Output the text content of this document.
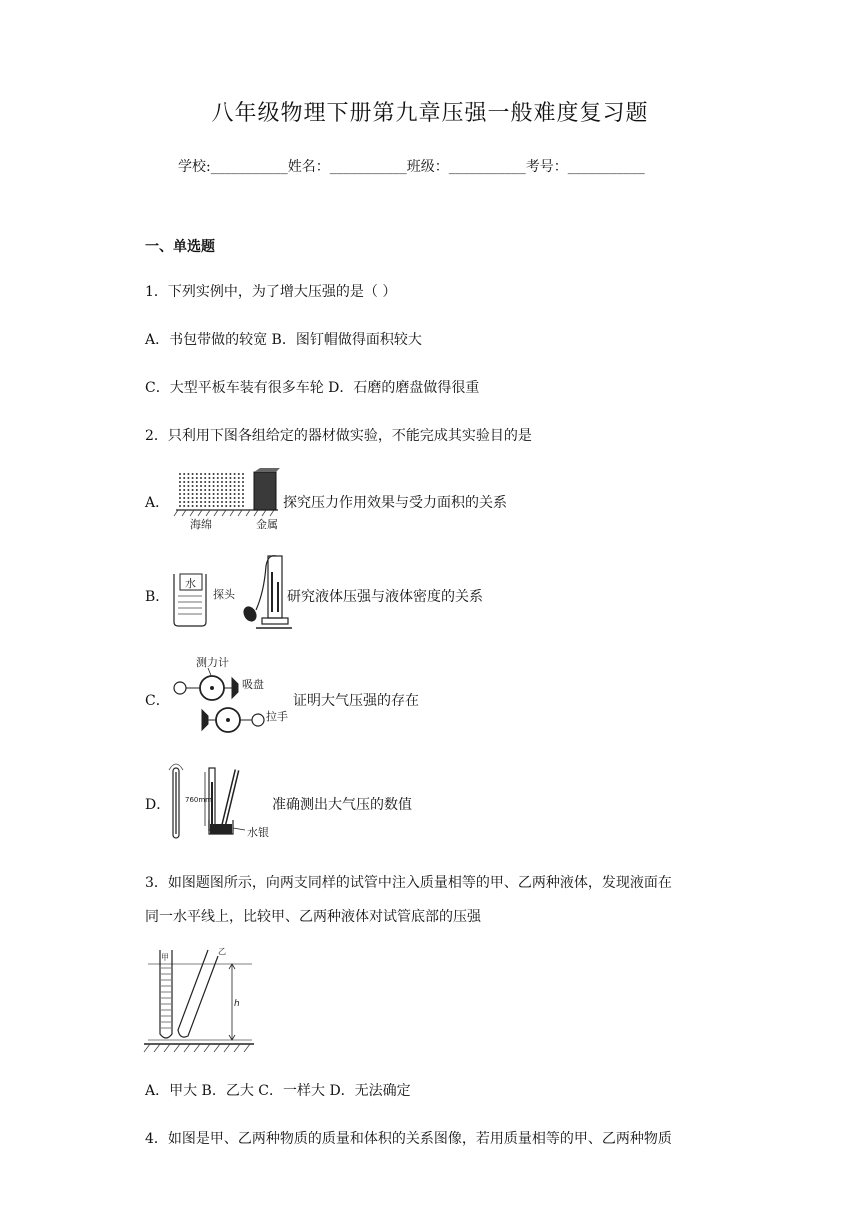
八年级物理下册第九章压强一般难度复习题
学校:___________姓名：___________班级：___________考号：___________
一、单选题
1．下列实例中，为了增大压强的是（ ）
A．书包带做的较宽 B．图钉帽做得面积较大
C．大型平板车装有很多车轮 D．石磨的磨盘做得很重
2．只利用下图各组给定的器材做实验，不能完成其实验目的是
A．
海绵	金属
探究压力作用效果与受力面积的关系
B．
水
探头	研究液体压强与液体密度的关系
C．
测力计
吸盘
拉手
证明大气压强的存在
D． 760mm
水银
准确测出大气压的数值
3．如图题图所示，向两支同样的试管中注入质量相等的甲、乙两种液体，发现液面在
同一水平线上，比较甲、乙两种液体对试管底部的压强
甲
乙
h
A．甲大 B．乙大 C．一样大 D．无法确定
4．如图是甲、乙两种物质的质量和体积的关系图像，若用质量相等的甲、乙两种物质
